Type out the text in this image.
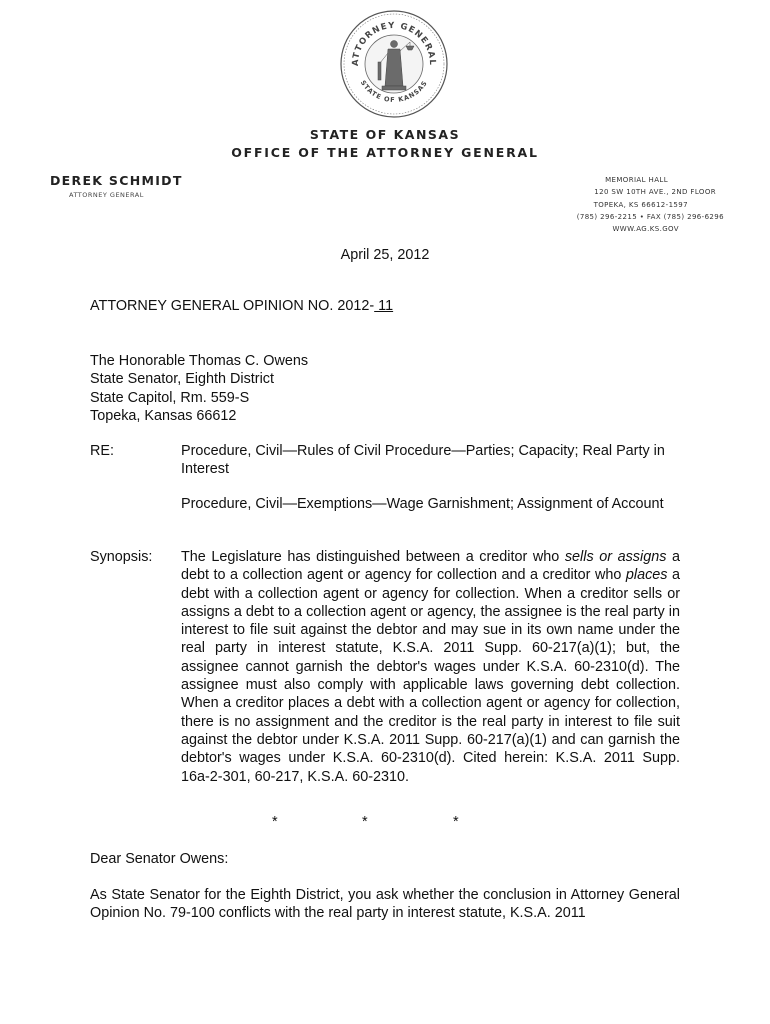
ATTORNEY GENERAL
STATE OF KANSAS
STATE OF KANSAS
OFFICE OF THE ATTORNEY GENERAL
DEREK SCHMIDT
ATTORNEY GENERAL
MEMORIAL HALL
120 SW 10TH AVE., 2ND FLOOR
TOPEKA, KS 66612-1597
(785) 296-2215 • FAX (785) 296-6296
WWW.AG.KS.GOV
April 25, 2012
ATTORNEY GENERAL OPINION NO. 2012- 11
The Honorable Thomas C. Owens
State Senator, Eighth District
State Capitol, Rm. 559-S
Topeka, Kansas 66612
RE:	Procedure, Civil—Rules of Civil Procedure—Parties; Capacity; Real Party in Interest
Procedure, Civil—Exemptions—Wage Garnishment; Assignment of Account
Synopsis: The Legislature has distinguished between a creditor who sells or assigns a debt to a collection agent or agency for collection and a creditor who places a debt with a collection agent or agency for collection. When a creditor sells or assigns a debt to a collection agent or agency, the assignee is the real party in interest to file suit against the debtor and may sue in its own name under the real party in interest statute, K.S.A. 2011 Supp. 60-217(a)(1); but, the assignee cannot garnish the debtor's wages under K.S.A. 60-2310(d). The assignee must also comply with applicable laws governing debt collection. When a creditor places a debt with a collection agent or agency for collection, there is no assignment and the creditor is the real party in interest to file suit against the debtor under K.S.A. 2011 Supp. 60-217(a)(1) and can garnish the debtor's wages under K.S.A. 60-2310(d). Cited herein: K.S.A. 2011 Supp. 16a-2-301, 60-217, K.S.A. 60-2310.
*	*	*
Dear Senator Owens:
As State Senator for the Eighth District, you ask whether the conclusion in Attorney General Opinion No. 79-100 conflicts with the real party in interest statute, K.S.A. 2011
